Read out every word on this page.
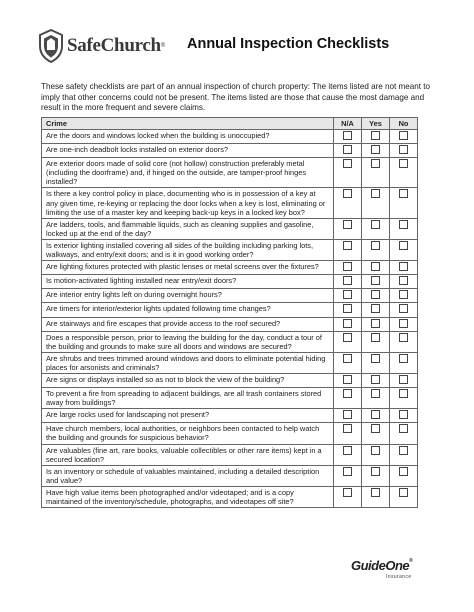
SafeChurch ® Annual Inspection Checklists

These safety checklists are part of an annual inspection of church property: The items listed are not meant to imply that other concerns could not be present. The items listed are those that cause the most damage and result in the more frequent and severe claims.

Crime	N/A	Yes	No
Are the doors and windows locked when the building is unoccupied?			
Are one-inch deadbolt locks installed on exterior doors?			
Are exterior doors made of solid core (not hollow) construction preferably metal (including the doorframe) and, if hinged on the outside, are tamper-proof hinges installed?			
Is there a key control policy in place, documenting who is in possession of a key at any given time, re-keying or replacing the door locks when a key is lost, eliminating or limiting the use of a master key and keeping back-up keys in a locked key box?			
Are ladders, tools, and flammable liquids, such as cleaning supplies and gasoline, locked up at the end of the day?			
Is exterior lighting installed covering all sides of the building including parking lots, walkways, and entry/exit doors; and is it in good working order?			
Are lighting fixtures protected with plastic lenses or metal screens over the fixtures?			
Is motion-activated lighting installed near entry/exit doors?			
Are interior entry lights left on during overnight hours?			
Are timers for interior/exterior lights updated following time changes?			
Are stairways and fire escapes that provide access to the roof secured?			
Does a responsible person, prior to leaving the building for the day, conduct a tour of the building and grounds to make sure all doors and windows are secured?			
Are shrubs and trees trimmed around windows and doors to eliminate potential hiding places for arsonists and criminals?			
Are signs or displays installed so as not to block the view of the building?			
To prevent a fire from spreading to adjacent buildings, are all trash containers stored away from buildings?			
Are large rocks used for landscaping not present?			
Have church members, local authorities, or neighbors been contacted to help watch the building and grounds for suspicious behavior?			
Are valuables (fine art, rare books, valuable collectibles or other rare items) kept in a secured location?			
Is an inventory or schedule of valuables maintained, including a detailed description and value?			
Have high value items been photographed and/or videotaped; and is a copy maintained of the inventory/schedule, photographs, and videotapes off site?			
GuideOne®
Insurance
